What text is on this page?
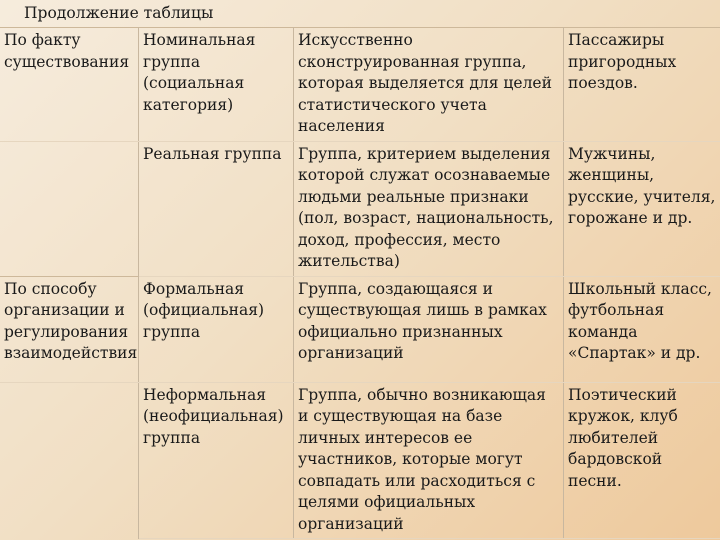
Продолжение таблицы
По факту существования	Номинальная группа (социальная категория)	Искусственно сконструированная группа, которая выделяется для целей статистического учета населения	Пассажиры пригородных поездов.
	Реальная группа	Группа, критерием выделения которой служат осознаваемые людьми реальные признаки (пол, возраст, национальность, доход, профессия, место жительства)	Мужчины, женщины, русские, учителя, горожане и др.
По способу организации и регулирования взаимодействия	Формальная (официальная) группа	Группа, создающаяся и существующая лишь в рамках официально признанных организаций	Школьный класс, футбольная команда «Спартак» и др.
	Неформальная (неофициальная) группа	Группа, обычно возникающая и существующая на базе личных интересов ее участников, которые могут совпадать или расходиться с целями официальных организаций	Поэтический кружок, клуб любителей бардовской песни.
